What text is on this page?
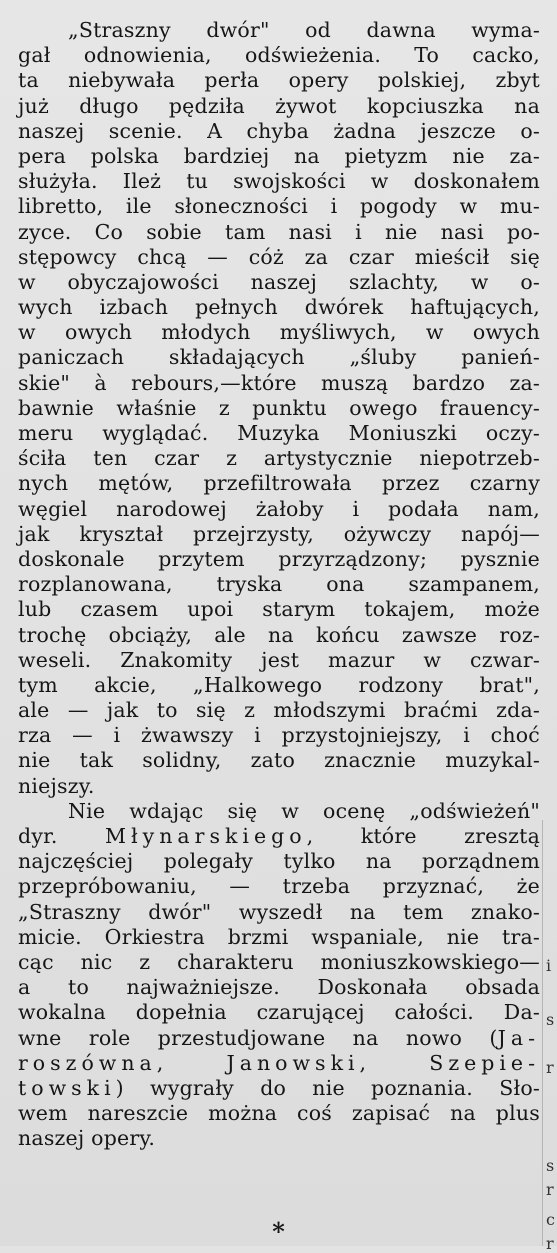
„Straszny dwór" od dawna wyma-
gał odnowienia, odświeżenia. To cacko,
ta niebywała perła opery polskiej, zbyt
już długo pędziła żywot kopciuszka na
naszej scenie. A chyba żadna jeszcze o-
pera polska bardziej na pietyzm nie za-
służyła. Ileż tu swojskości w doskonałem
libretto, ile słoneczności i pogody w mu-
zyce. Co sobie tam nasi i nie nasi po-
stępowcy chcą — cóż za czar mieścił się
w obyczajowości naszej szlachty, w o-
wych izbach pełnych dwórek haftujących,
w owych młodych myśliwych, w owych
paniczach składających „śluby panień-
skie" à rebours,—które muszą bardzo za-
bawnie właśnie z punktu owego frauency-
meru wyglądać. Muzyka Moniuszki oczy-
ściła ten czar z artystycznie niepotrzeb-
nych mętów, przefiltrowała przez czarny
węgiel narodowej żałoby i podała nam,
jak kryształ przejrzysty, ożywczy napój—
doskonale przytem przyrządzony; pysznie
rozplanowana, tryska ona szampanem,
lub czasem upoi starym tokajem, może
trochę obciąży, ale na końcu zawsze roz-
weseli. Znakomity jest mazur w czwar-
tym akcie, „Halkowego rodzony brat",
ale — jak to się z młodszymi braćmi zda-
rza — i żwawszy i przystojniejszy, i choć
nie tak solidny, zato znacznie muzykal-
niejszy.
Nie wdając się w ocenę „odświeżeń"
dyr. Młynarskiego, które zresztą
najczęściej polegały tylko na porządnem
przepróbowaniu, — trzeba przyznać, że
„Straszny dwór" wyszedł na tem znako-
micie. Orkiestra brzmi wspaniale, nie tra-
cąc nic z charakteru moniuszkowskiego—
a to najważniejsze. Doskonała obsada
wokalna dopełnia czarującej całości. Da-
wne role przestudjowane na nowo (Ja-
roszówna, Janowski, Szepie-
towski) wygrały do nie poznania. Sło-
wem nareszcie można coś zapisać na plus
naszej opery.
*
i
s
r
s
r
c
r
